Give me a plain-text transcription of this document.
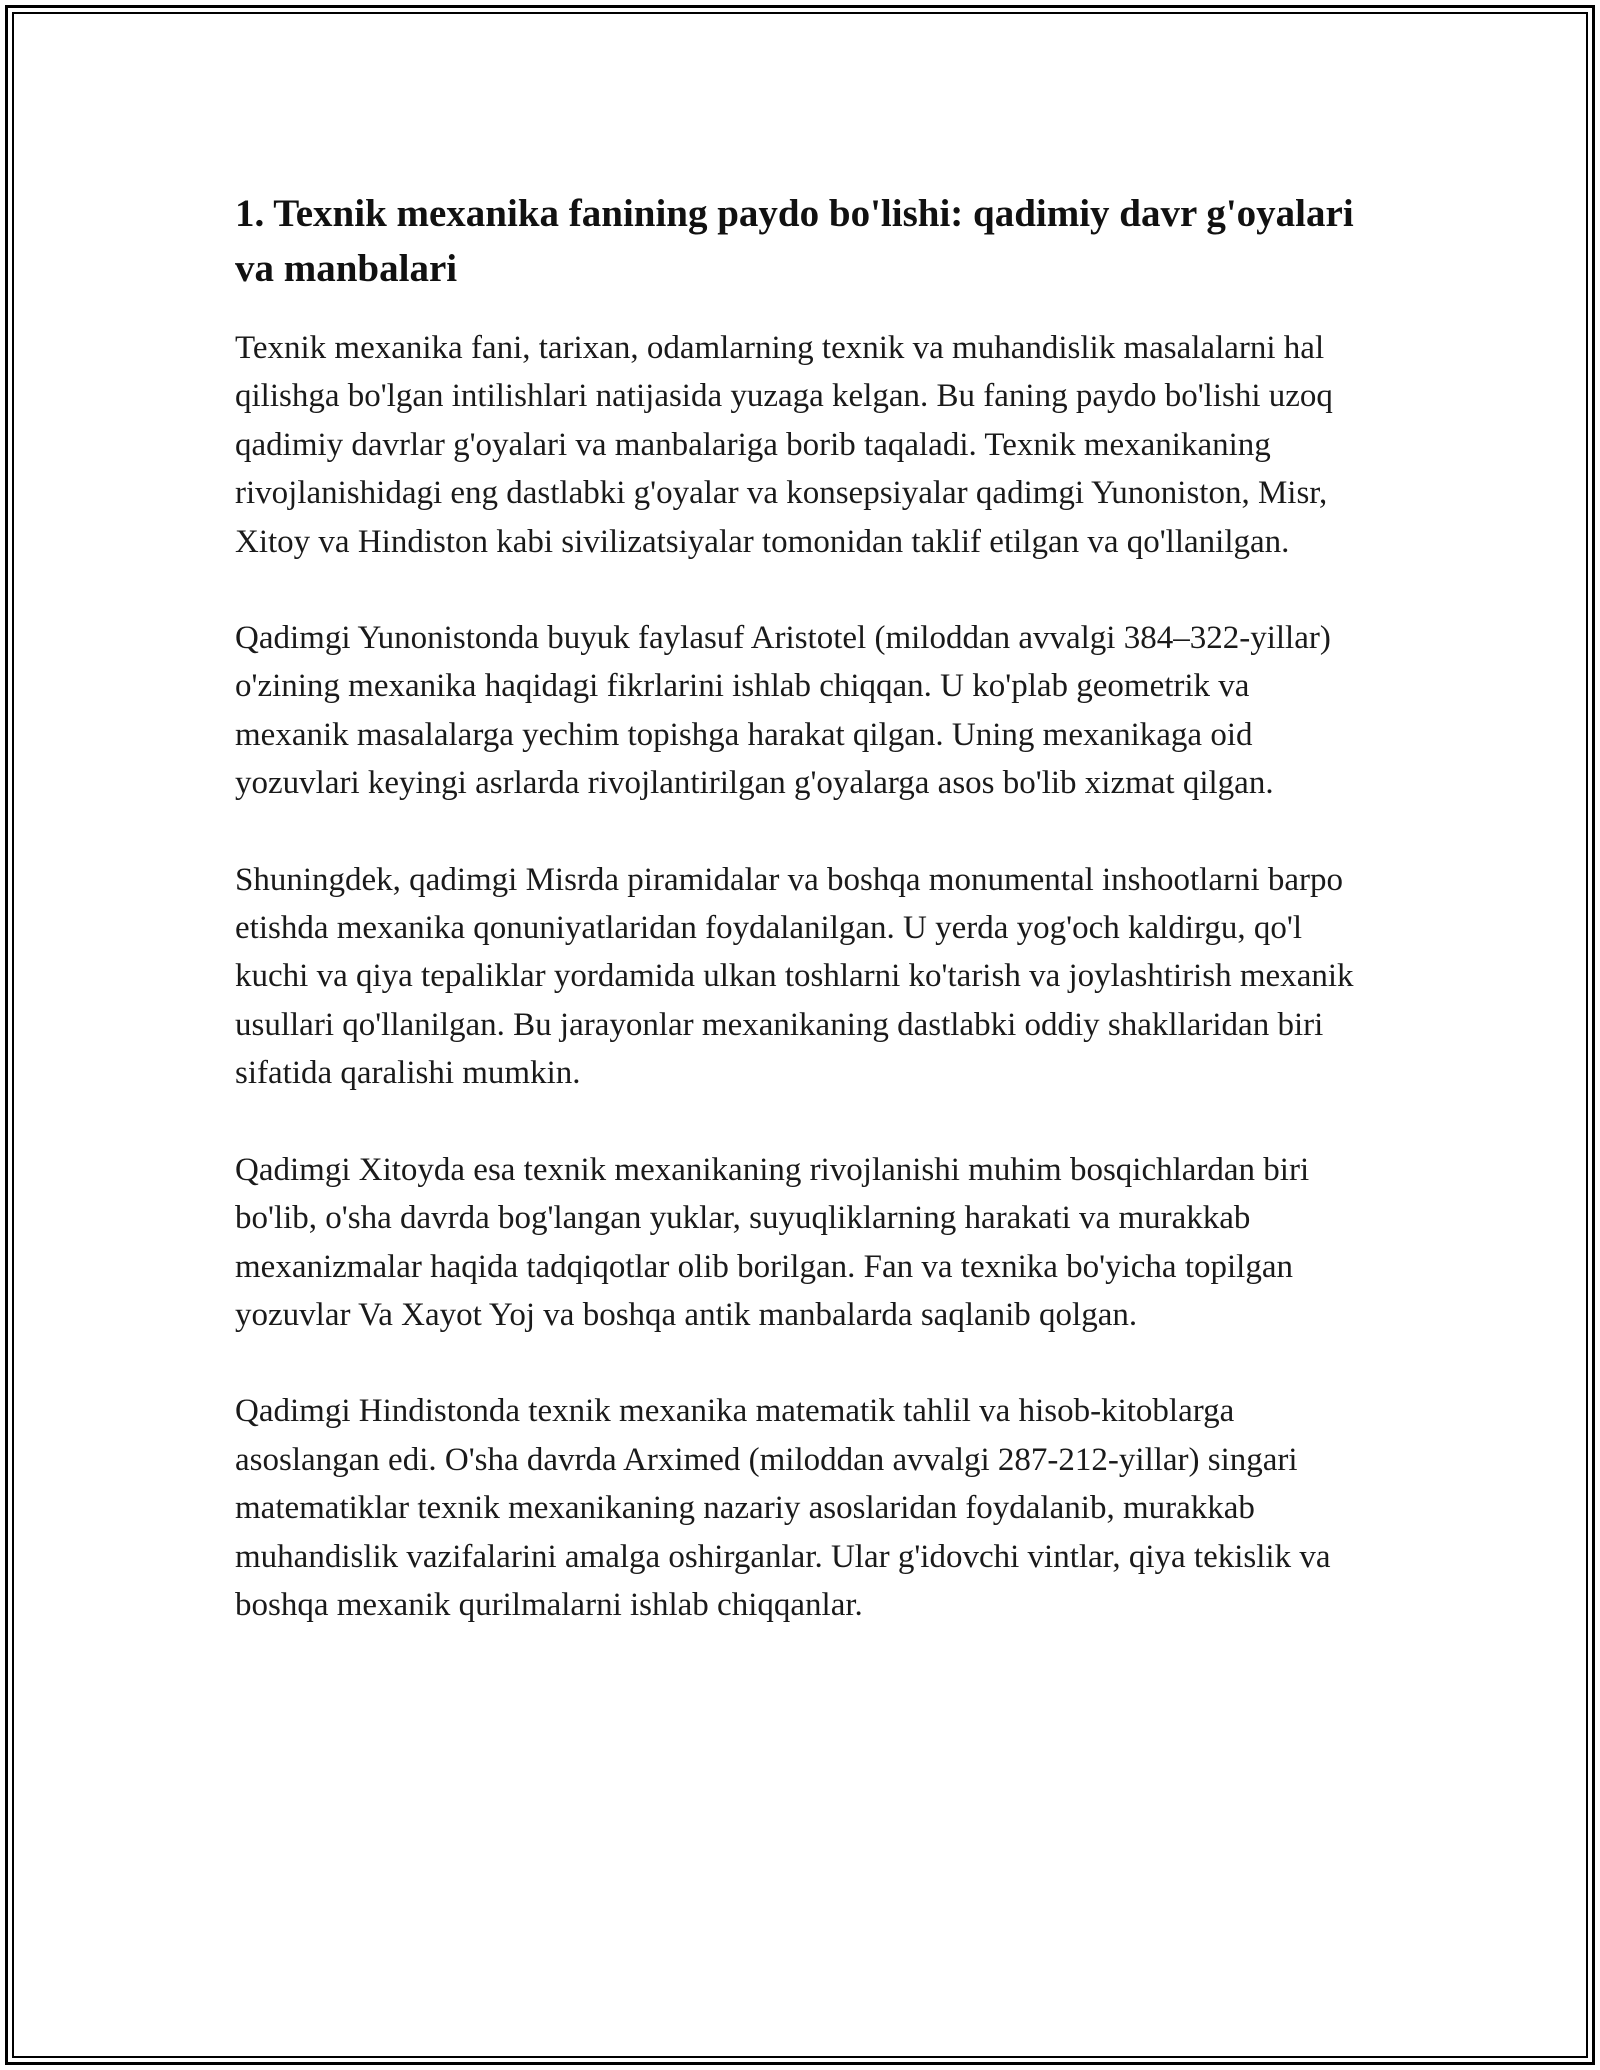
1. Texnik mexanika fanining paydo bo'lishi: qadimiy davr g'oyalari va manbalari

Texnik mexanika fani, tarixan, odamlarning texnik va muhandislik masalalarni hal qilishga bo'lgan intilishlari natijasida yuzaga kelgan. Bu faning paydo bo'lishi uzoq qadimiy davrlar g'oyalari va manbalariga borib taqaladi. Texnik mexanikaning rivojlanishidagi eng dastlabki g'oyalar va konsepsiyalar qadimgi Yunoniston, Misr, Xitoy va Hindiston kabi sivilizatsiyalar tomonidan taklif etilgan va qo'llanilgan.

Qadimgi Yunonistonda buyuk faylasuf Aristotel (miloddan avvalgi 384–322-yillar) o'zining mexanika haqidagi fikrlarini ishlab chiqqan. U ko'plab geometrik va mexanik masalalarga yechim topishga harakat qilgan. Uning mexanikaga oid yozuvlari keyingi asrlarda rivojlantirilgan g'oyalarga asos bo'lib xizmat qilgan.

Shuningdek, qadimgi Misrda piramidalar va boshqa monumental inshootlarni barpo etishda mexanika qonuniyatlaridan foydalanilgan. U yerda yog'och kaldirgu, qo'l kuchi va qiya tepaliklar yordamida ulkan toshlarni ko'tarish va joylashtirish mexanik usullari qo'llanilgan. Bu jarayonlar mexanikaning dastlabki oddiy shakllaridan biri sifatida qaralishi mumkin.

Qadimgi Xitoyda esa texnik mexanikaning rivojlanishi muhim bosqichlardan biri bo'lib, o'sha davrda bog'langan yuklar, suyuqliklarning harakati va murakkab mexanizmalar haqida tadqiqotlar olib borilgan. Fan va texnika bo'yicha topilgan yozuvlar Va Xayot Yoj va boshqa antik manbalarda saqlanib qolgan.

Qadimgi Hindistonda texnik mexanika matematik tahlil va hisob-kitoblarga asoslangan edi. O'sha davrda Arximed (miloddan avvalgi 287-212-yillar) singari matematiklar texnik mexanikaning nazariy asoslaridan foydalanib, murakkab muhandislik vazifalarini amalga oshirganlar. Ular g'idovchi vintlar, qiya tekislik va boshqa mexanik qurilmalarni ishlab chiqqanlar.
